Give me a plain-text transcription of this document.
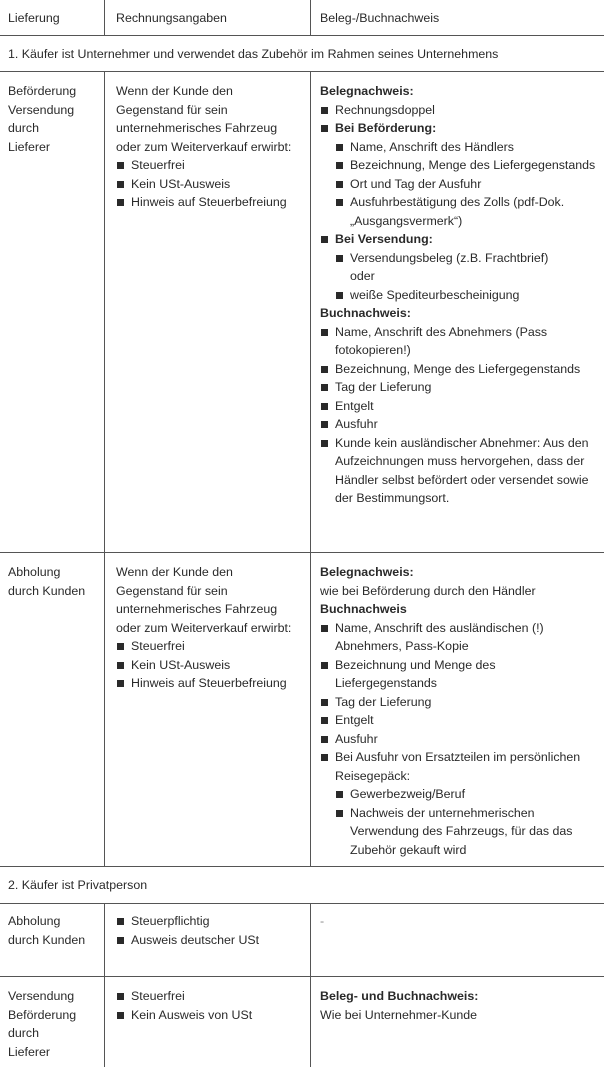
Lieferung	Rechnungsangaben	Beleg-/Buchnachweis
1. Käufer ist Unternehmer und verwendet das Zubehör im Rahmen seines Unternehmens
Beförderung
Versendung
durch
Lieferer
Wenn der Kunde den Gegenstand für sein unternehmerisches Fahrzeug oder zum Weiterverkauf erwirbt:
Steuerfrei
Kein USt-Ausweis
Hinweis auf Steuerbefreiung
Belegnachweis:
Rechnungsdoppel
Bei Beförderung:
Name, Anschrift des Händlers
Bezeichnung, Menge des Liefergegenstands
Ort und Tag der Ausfuhr
Ausfuhrbestätigung des Zolls (pdf-Dok. „Ausgangsvermerk“)
Bei Versendung:
Versendungsbeleg (z.B. Frachtbrief)
oder
weiße Spediteurbescheinigung
Buchnachweis:
Name, Anschrift des Abnehmers (Pass fotokopieren!)
Bezeichnung, Menge des Liefergegenstands
Tag der Lieferung
Entgelt
Ausfuhr
Kunde kein ausländischer Abnehmer: Aus den Aufzeichnungen muss hervorgehen, dass der Händler selbst befördert oder versendet sowie der Bestimmungsort.
Abholung
durch Kunden
Wenn der Kunde den Gegenstand für sein unternehmerisches Fahrzeug oder zum Weiterverkauf erwirbt:
Steuerfrei
Kein USt-Ausweis
Hinweis auf Steuerbefreiung
Belegnachweis:
wie bei Beförderung durch den Händler
Buchnachweis
Name, Anschrift des ausländischen (!) Abnehmers, Pass-Kopie
Bezeichnung und Menge des Liefergegenstands
Tag der Lieferung
Entgelt
Ausfuhr
Bei Ausfuhr von Ersatzteilen im persönlichen Reisegepäck:
Gewerbezweig/Beruf
Nachweis der unternehmerischen Verwendung des Fahrzeugs, für das das Zubehör gekauft wird
2. Käufer ist Privatperson
Abholung
durch Kunden
Steuerpflichtig
Ausweis deutscher USt
-
Versendung
Beförderung
durch
Lieferer
Steuerfrei
Kein Ausweis von USt
Beleg- und Buchnachweis:
Wie bei Unternehmer-Kunde
